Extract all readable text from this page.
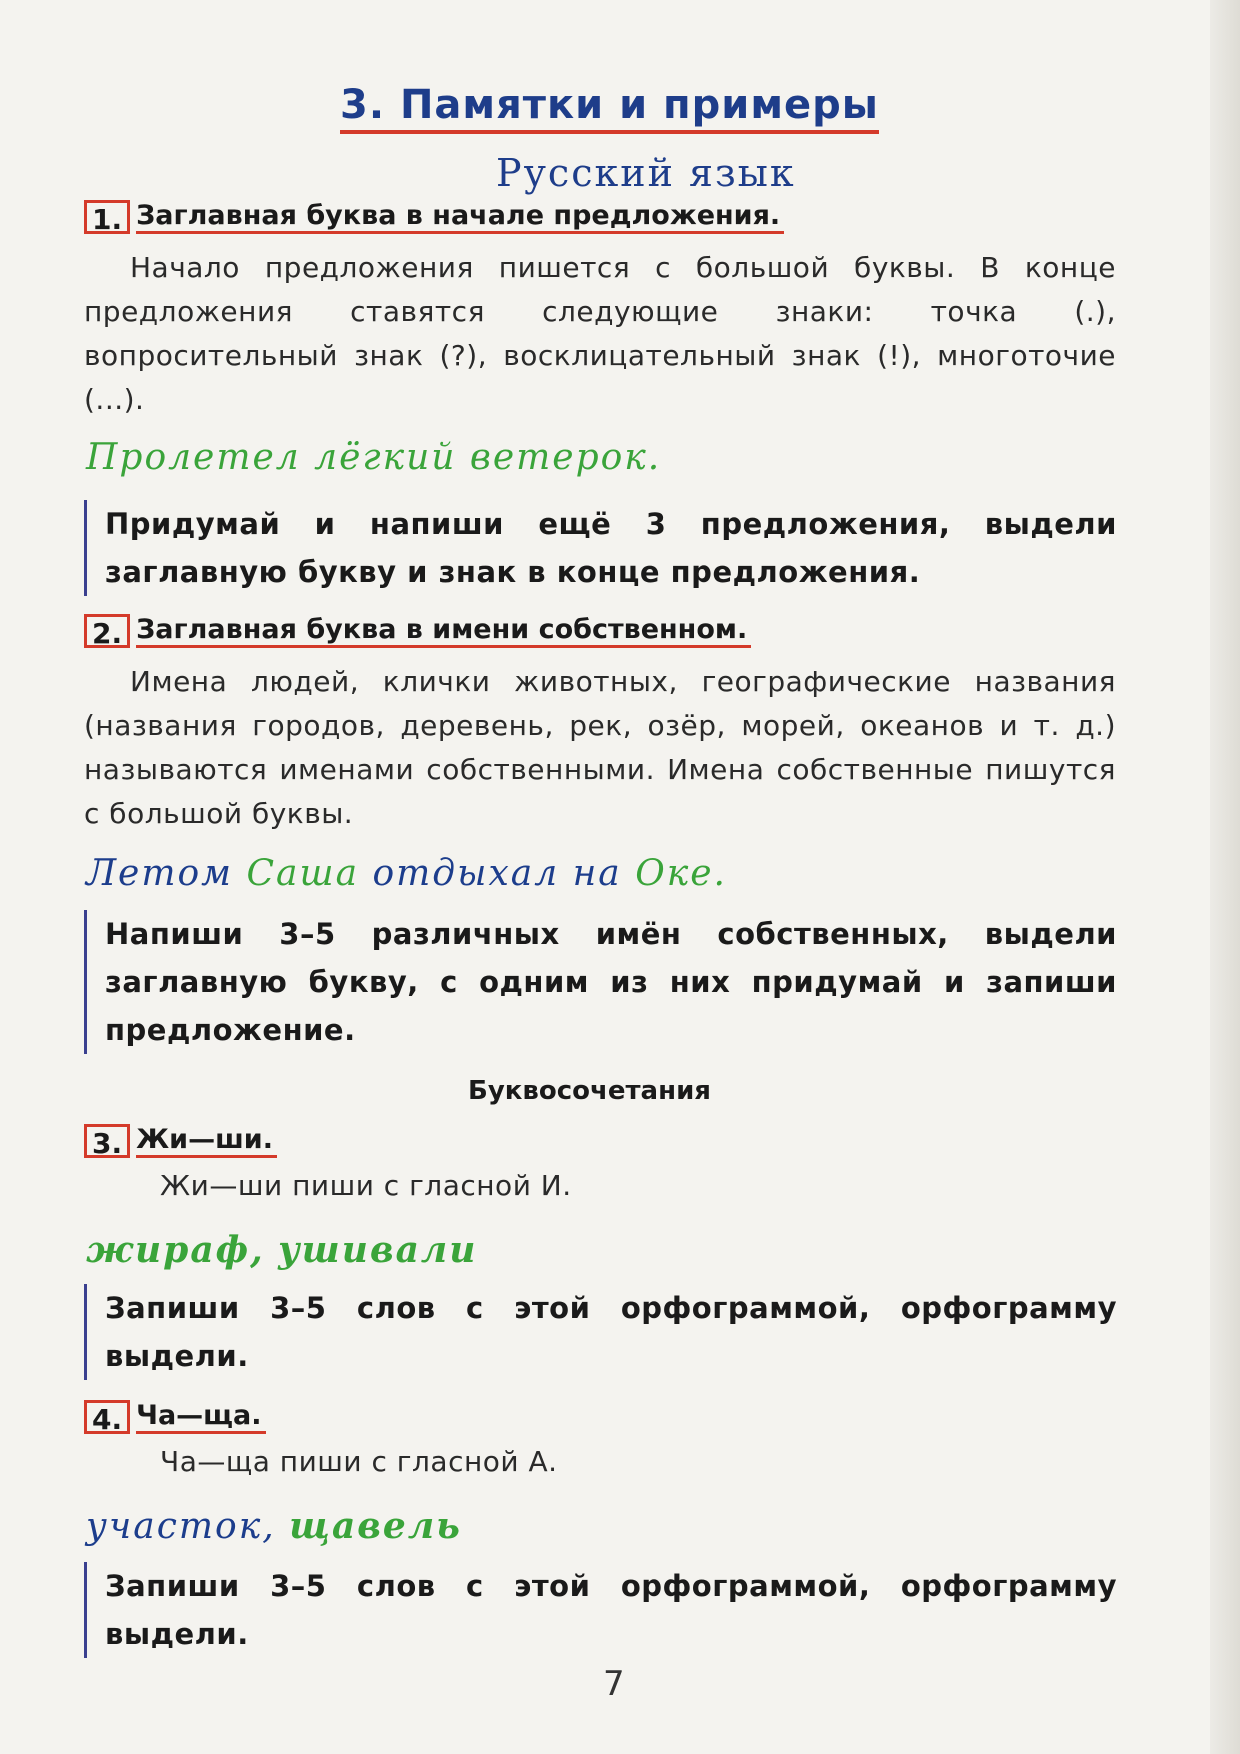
3. Памятки и примеры
Русский язык
1. Заглавная буква в начале предложения.
Начало предложения пишется с большой буквы. В конце предложения ставятся следующие знаки: точка (.), вопросительный знак (?), восклицательный знак (!), многоточие (...).
Пролетел лёгкий ветерок.
Придумай и напиши ещё 3 предложения, выдели заглавную букву и знак в конце предложения.
2. Заглавная буква в имени собственном.
Имена людей, клички животных, географические названия (названия городов, деревень, рек, озёр, морей, океанов и т. д.) называются именами собственными. Имена собственные пишутся с большой буквы.
Летом Саша отдыхал на Оке.
Напиши 3–5 различных имён собственных, выдели заглавную букву, с одним из них придумай и запиши предложение.
Буквосочетания
3. Жи—ши.
Жи—ши пиши с гласной И.
жираф, ушивали
Запиши 3–5 слов с этой орфограммой, орфограмму выдели.
4. Ча—ща.
Ча—ща пиши с гласной А.
участок, щавель
Запиши 3–5 слов с этой орфограммой, орфограмму выдели.
7
